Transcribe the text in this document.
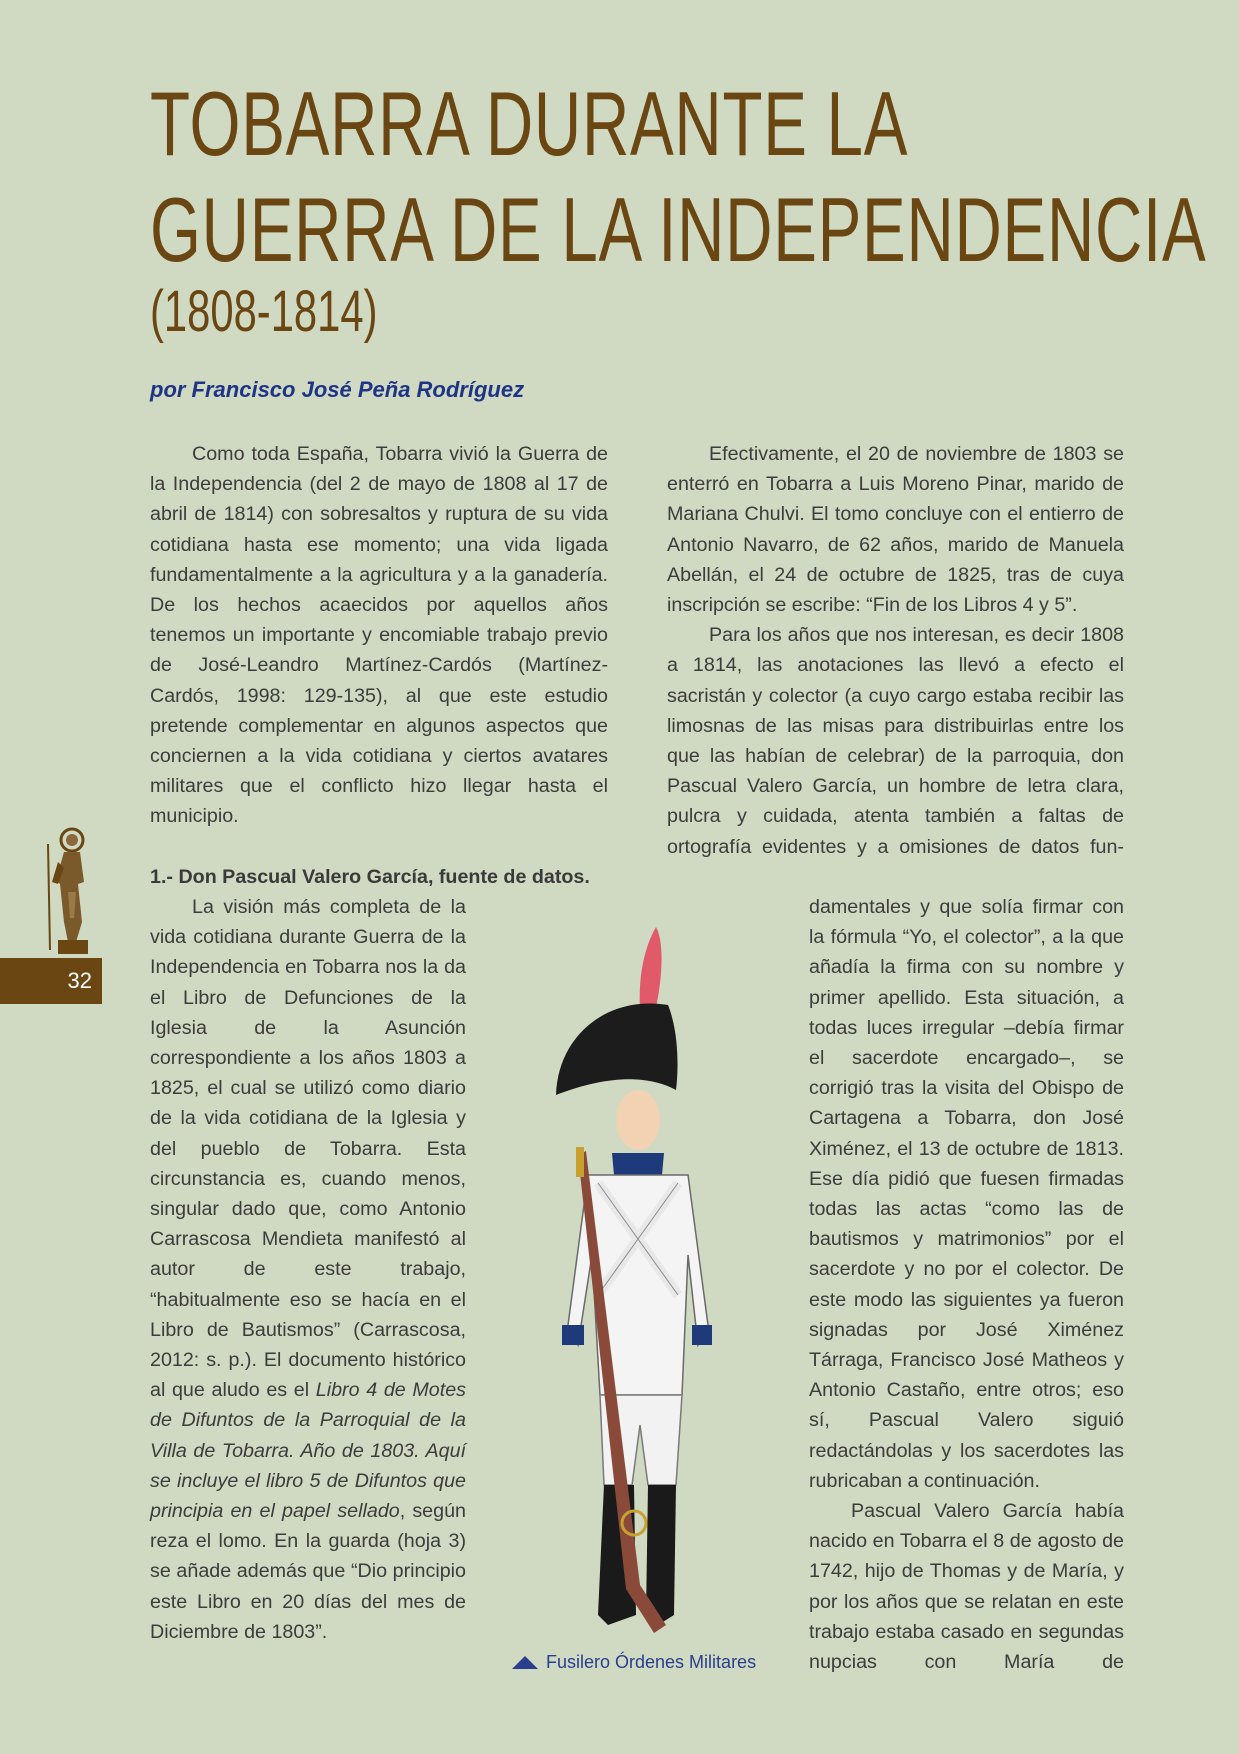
TOBARRA DURANTE LA
GUERRA DE LA INDEPENDENCIA
(1808-1814)
por Francisco José Peña Rodríguez

Como toda España, Tobarra vivió la Guerra de la Independencia (del 2 de mayo de 1808 al 17 de abril de 1814) con sobresaltos y ruptura de su vida cotidiana hasta ese momento; una vida ligada fundamentalmente a la agricultura y a la ganadería. De los hechos acaecidos por aquellos años tenemos un importante y encomiable trabajo previo de José-Leandro Martínez-Cardós (Martínez-Cardós, 1998: 129-135), al que este estudio pretende complementar en algunos aspectos que conciernen a la vida cotidiana y ciertos avatares militares que el conflicto hizo llegar hasta el municipio.

1.- Don Pascual Valero García, fuente de datos.

La visión más completa de la vida cotidiana durante Guerra de la Independencia en Tobarra nos la da el Libro de Defunciones de la Iglesia de la Asunción correspondiente a los años 1803 a 1825, el cual se utilizó como diario de la vida cotidiana de la Iglesia y del pueblo de Tobarra. Esta circunstancia es, cuando menos, singular dado que, como Antonio Carrascosa Mendieta manifestó al autor de este trabajo, “habitualmente eso se hacía en el Libro de Bautismos” (Carrascosa, 2012: s. p.). El documento histórico al que aludo es el Libro 4 de Motes de Difuntos de la Parroquial de la Villa de Tobarra. Año de 1803. Aquí se incluye el libro 5 de Difuntos que principia en el papel sellado, según reza el lomo. En la guarda (hoja 3) se añade además que “Dio principio este Libro en 20 días del mes de Diciembre de 1803”.

Efectivamente, el 20 de noviembre de 1803 se enterró en Tobarra a Luis Moreno Pinar, marido de Mariana Chulvi. El tomo concluye con el entierro de Antonio Navarro, de 62 años, marido de Manuela Abellán, el 24 de octubre de 1825, tras de cuya inscripción se escribe: “Fin de los Libros 4 y 5”.

Para los años que nos interesan, es decir 1808 a 1814, las anotaciones las llevó a efecto el sacristán y colector (a cuyo cargo estaba recibir las limosnas de las misas para distribuirlas entre los que las habían de celebrar) de la parroquia, don Pascual Valero García, un hombre de letra clara, pulcra y cuidada, atenta también a faltas de ortografía evidentes y a omisiones de datos fun-

damentales y que solía firmar con la fórmula “Yo, el colector”, a la que añadía la firma con su nombre y primer apellido. Esta situación, a todas luces irregular –debía firmar el sacerdote encargado–, se corrigió tras la visita del Obispo de Cartagena a Tobarra, don José Ximénez, el 13 de octubre de 1813. Ese día pidió que fuesen firmadas todas las actas “como las de bautismos y matrimonios” por el sacerdote y no por el colector. De este modo las siguientes ya fueron signadas por José Ximénez Tárraga, Francisco José Matheos y Antonio Castaño, entre otros; eso sí, Pascual Valero siguió redactándolas y los sacerdotes las rubricaban a continuación.

Pascual Valero García había nacido en Tobarra el 8 de agosto de 1742, hijo de Thomas y de María, y por los años que se relatan en este trabajo estaba casado en segundas nupcias con María de

32
Fusilero Órdenes Militares
